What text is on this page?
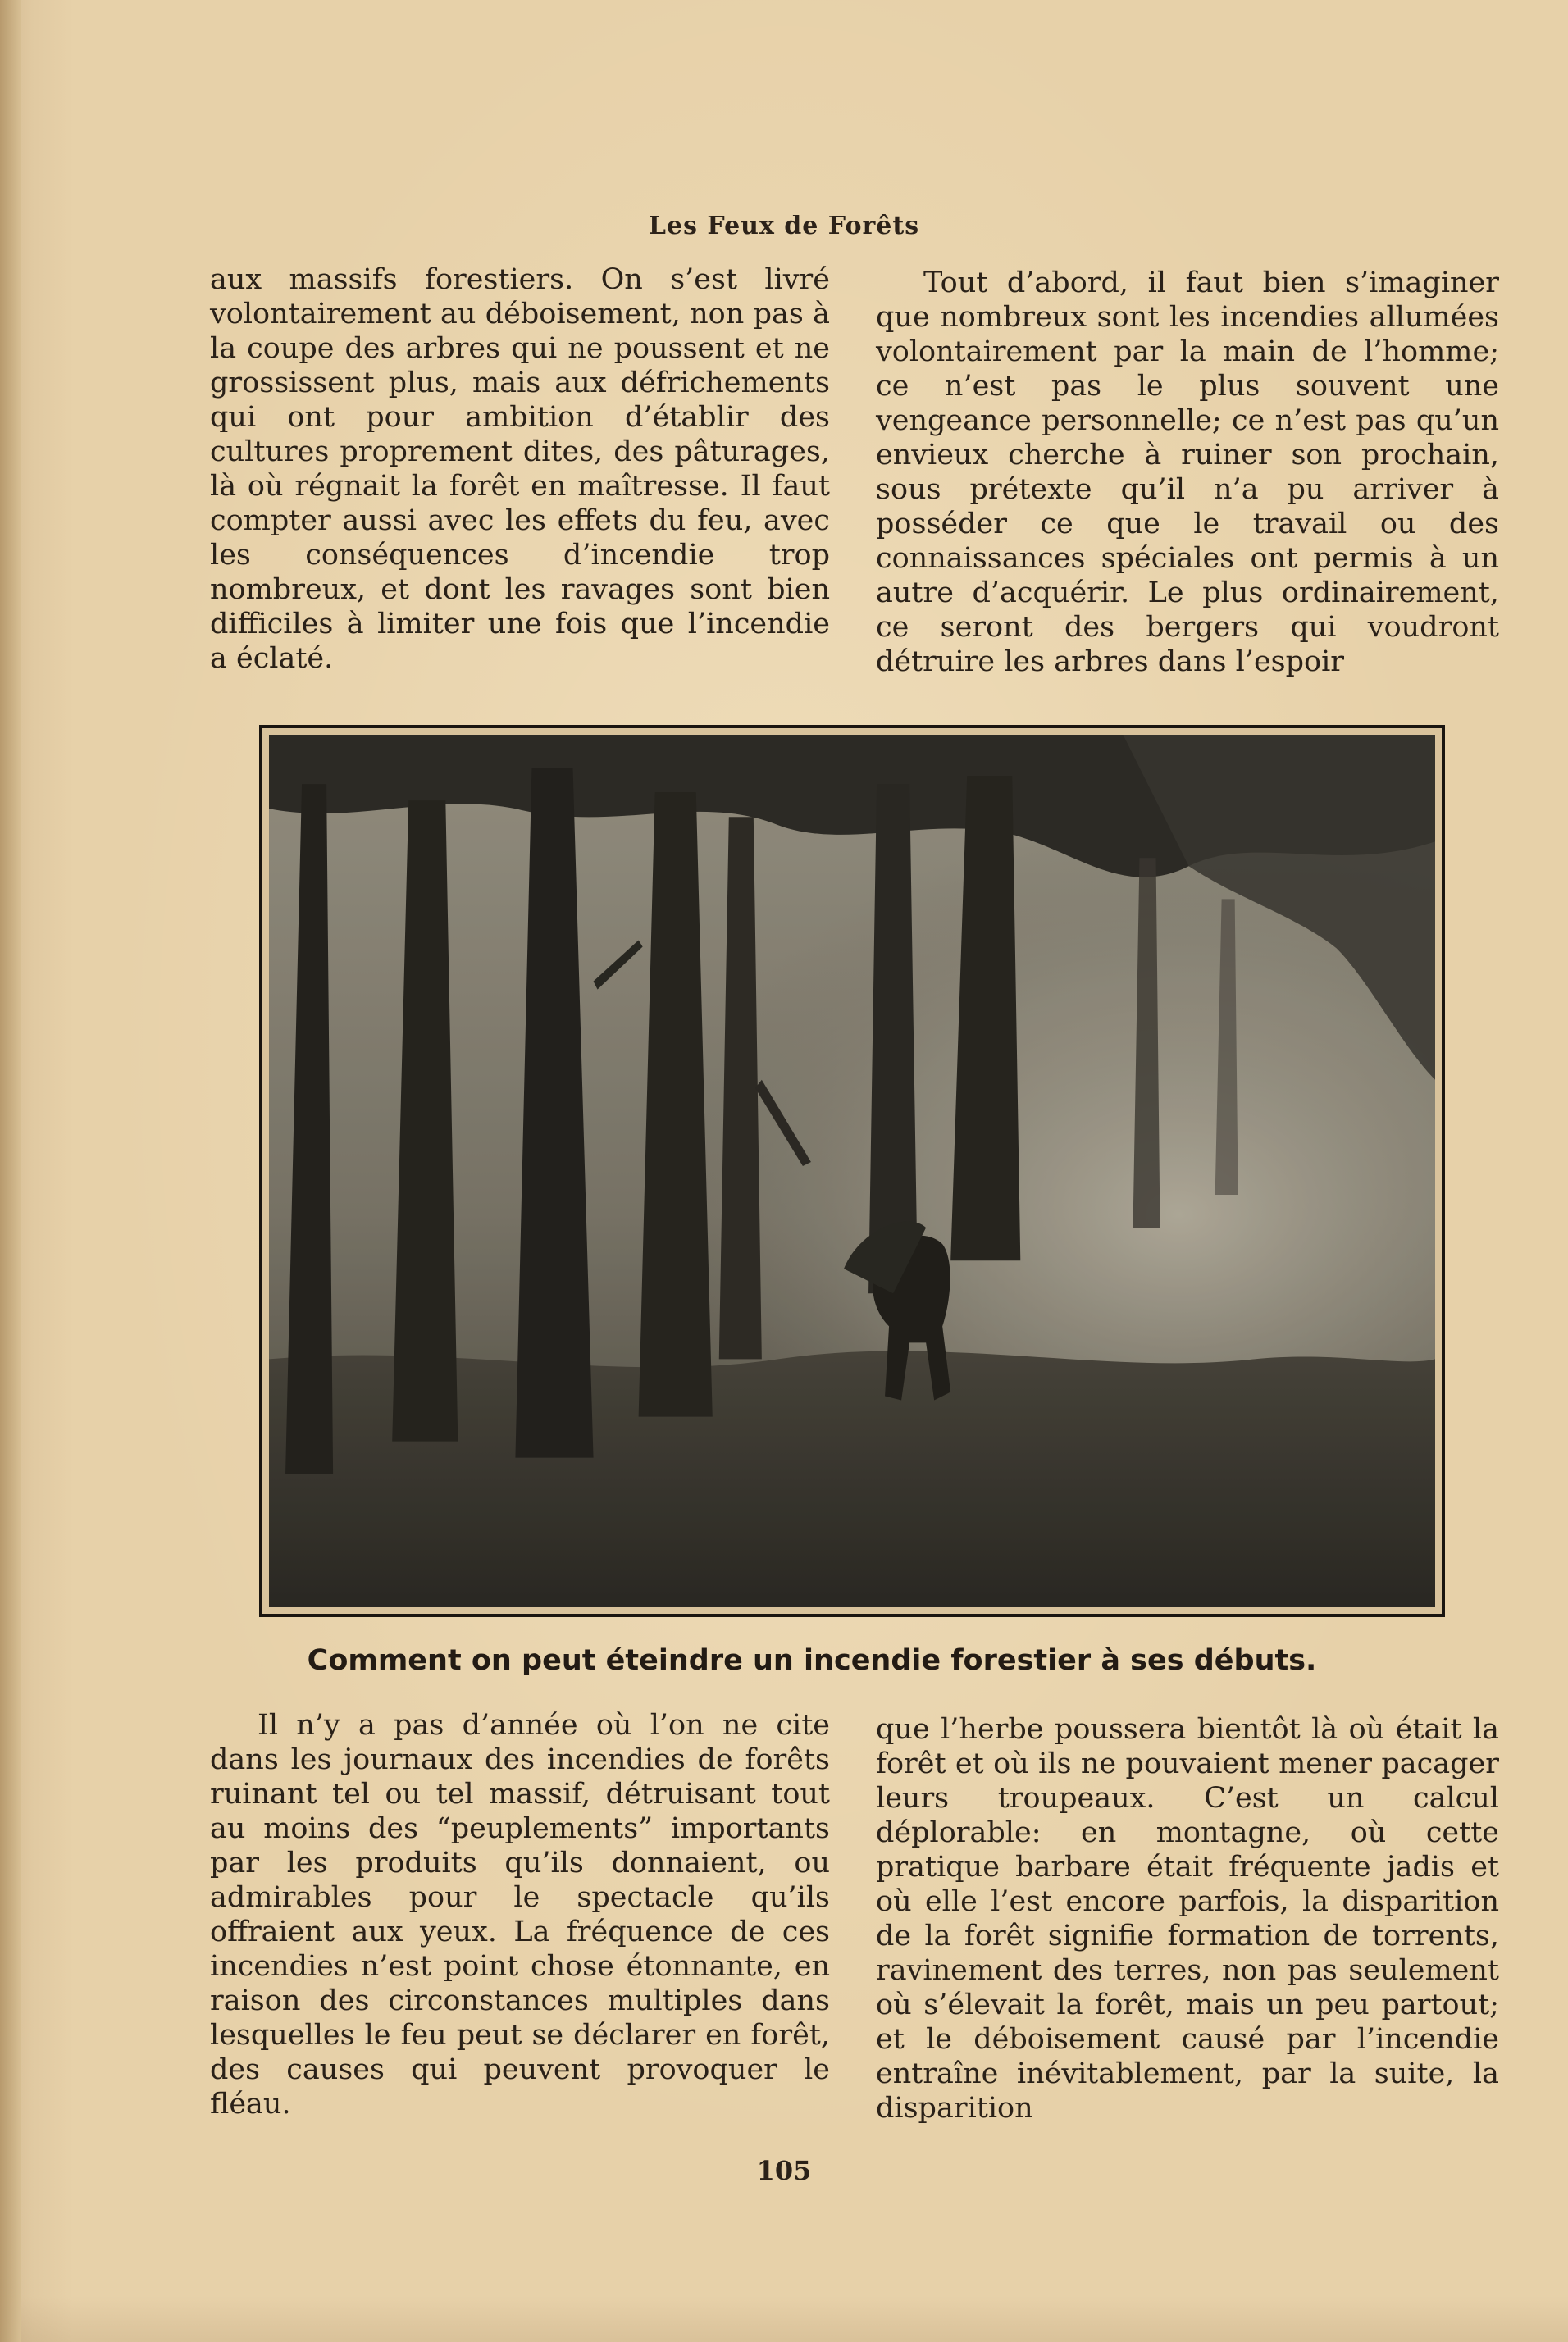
Les Feux de Forêts

aux massifs forestiers. On s’est livré volontairement au déboisement, non pas à la coupe des arbres qui ne poussent et ne grossissent plus, mais aux défrichements qui ont pour ambition d’établir des cultures proprement dites, des pâturages, là où régnait la forêt en maîtresse. Il faut compter aussi avec les effets du feu, avec les conséquences d’incendie trop nombreux, et dont les ravages sont bien difficiles à limiter une fois que l’incendie a éclaté.

Tout d’abord, il faut bien s’imaginer que nombreux sont les incendies allumées volontairement par la main de l’homme; ce n’est pas le plus souvent une vengeance personnelle; ce n’est pas qu’un envieux cherche à ruiner son prochain, sous prétexte qu’il n’a pu arriver à posséder ce que le travail ou des connaissances spéciales ont permis à un autre d’acquérir. Le plus ordinairement, ce seront des bergers qui voudront détruire les arbres dans l’espoir

Comment on peut éteindre un incendie forestier à ses débuts.

Il n’y a pas d’année où l’on ne cite dans les journaux des incendies de forêts ruinant tel ou tel massif, détruisant tout au moins des “peuplements” importants par les produits qu’ils donnaient, ou admirables pour le spectacle qu’ils offraient aux yeux. La fréquence de ces incendies n’est point chose étonnante, en raison des circonstances multiples dans lesquelles le feu peut se déclarer en forêt, des causes qui peuvent provoquer le fléau.

que l’herbe poussera bientôt là où était la forêt et où ils ne pouvaient mener pacager leurs troupeaux. C’est un calcul déplorable: en montagne, où cette pratique barbare était fréquente jadis et où elle l’est encore parfois, la disparition de la forêt signifie formation de torrents, ravinement des terres, non pas seulement où s’élevait la forêt, mais un peu partout; et le déboisement causé par l’incendie entraîne inévitablement, par la suite, la disparition

105
